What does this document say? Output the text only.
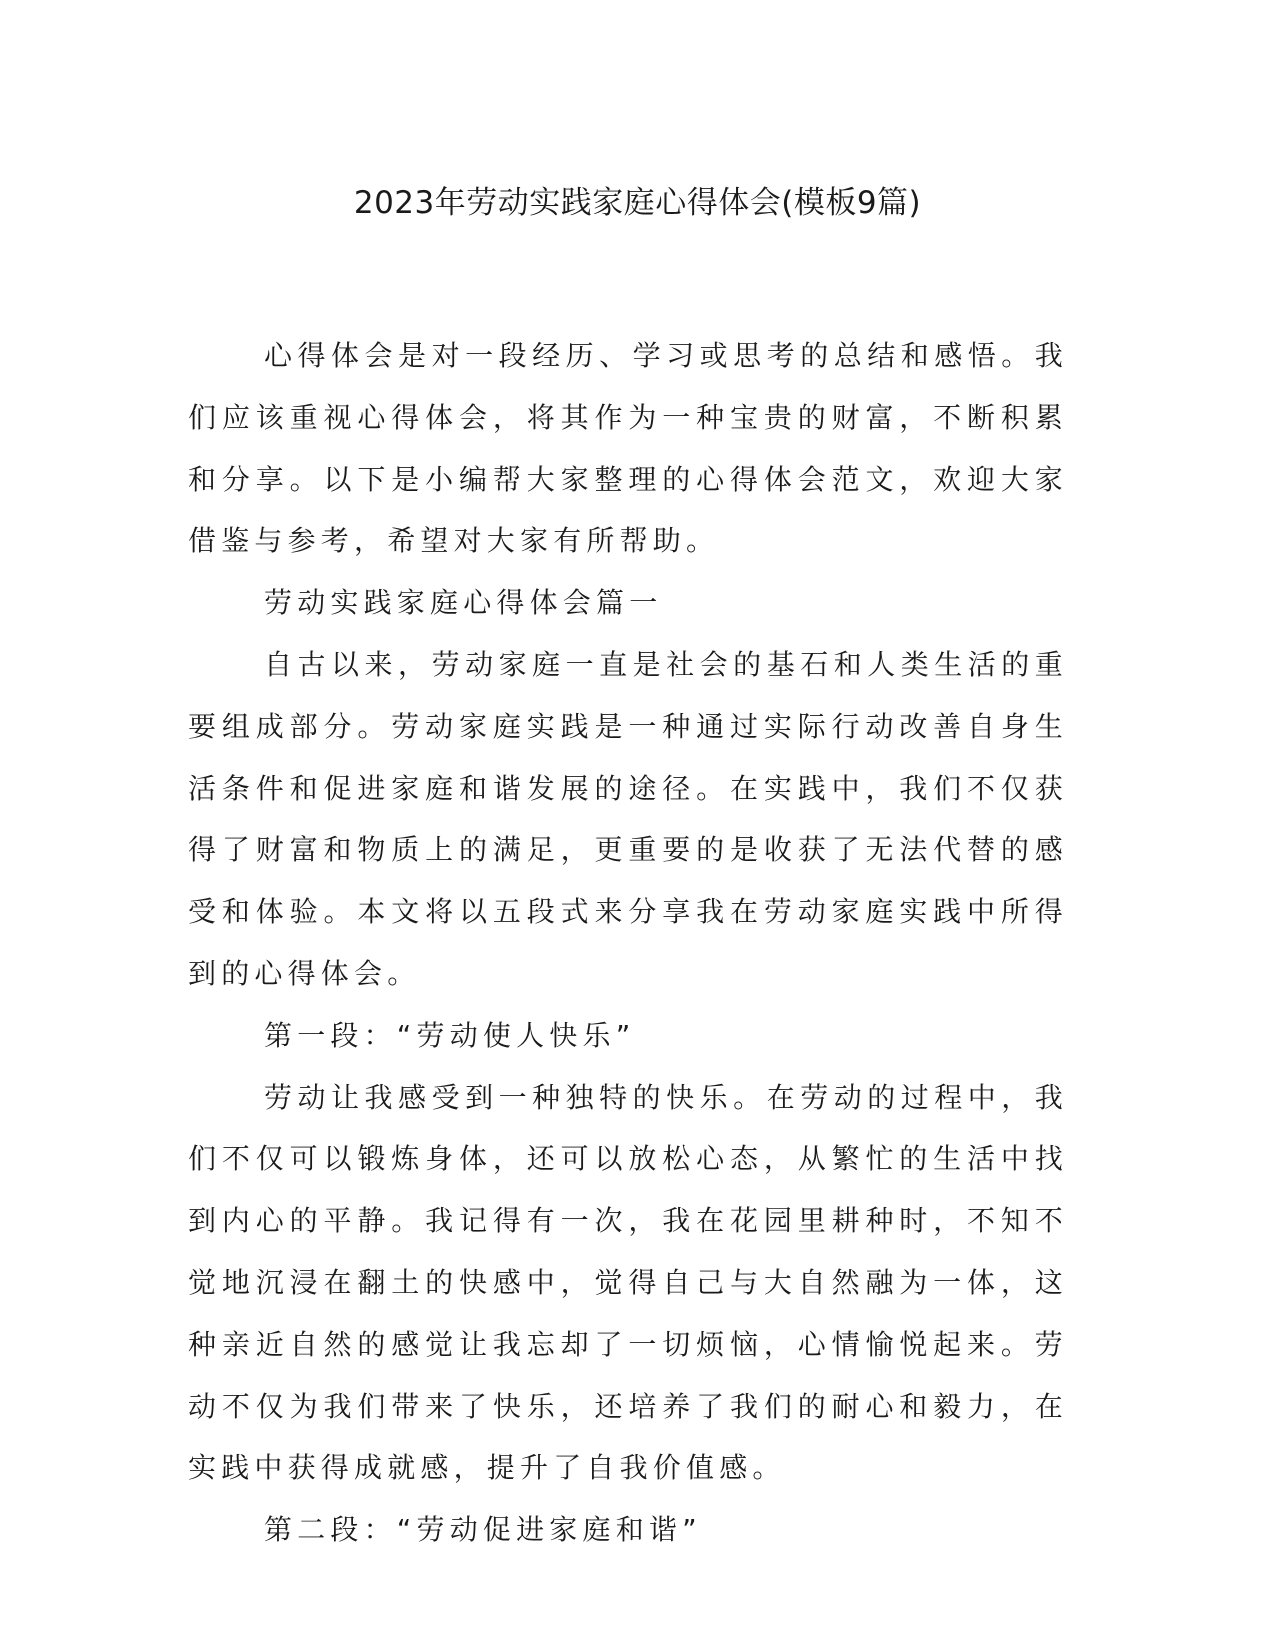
2023年劳动实践家庭心得体会(模板9篇)

心得体会是对一段经历、学习或思考的总结和感悟。我们应该重视心得体会，将其作为一种宝贵的财富，不断积累和分享。以下是小编帮大家整理的心得体会范文，欢迎大家借鉴与参考，希望对大家有所帮助。

劳动实践家庭心得体会篇一

自古以来，劳动家庭一直是社会的基石和人类生活的重要组成部分。劳动家庭实践是一种通过实际行动改善自身生活条件和促进家庭和谐发展的途径。在实践中，我们不仅获得了财富和物质上的满足，更重要的是收获了无法代替的感受和体验。本文将以五段式来分享我在劳动家庭实践中所得到的心得体会。

第一段：“劳动使人快乐”

劳动让我感受到一种独特的快乐。在劳动的过程中，我们不仅可以锻炼身体，还可以放松心态，从繁忙的生活中找到内心的平静。我记得有一次，我在花园里耕种时，不知不觉地沉浸在翻土的快感中，觉得自己与大自然融为一体，这种亲近自然的感觉让我忘却了一切烦恼，心情愉悦起来。劳动不仅为我们带来了快乐，还培养了我们的耐心和毅力，在实践中获得成就感，提升了自我价值感。

第二段：“劳动促进家庭和谐”
